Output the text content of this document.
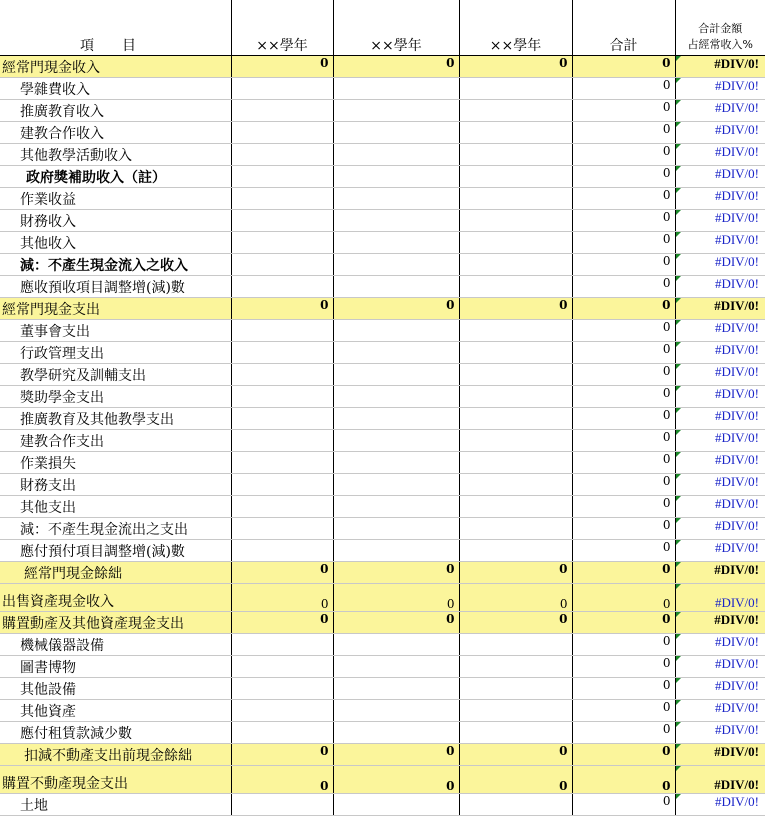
項　　目	××學年	××學年	××學年	合計	合計金額
占經常收入%

經常門現金收入	0	0	0	0	#DIV/0!
學雜費收入				0	#DIV/0!
推廣教育收入				0	#DIV/0!
建教合作收入				0	#DIV/0!
其他教學活動收入				0	#DIV/0!
政府獎補助收入（註）				0	#DIV/0!
作業收益				0	#DIV/0!
財務收入				0	#DIV/0!
其他收入				0	#DIV/0!
減：不產生現金流入之收入				0	#DIV/0!
應收預收項目調整增(減)數				0	#DIV/0!
經常門現金支出	0	0	0	0	#DIV/0!
董事會支出				0	#DIV/0!
行政管理支出				0	#DIV/0!
教學研究及訓輔支出				0	#DIV/0!
獎助學金支出				0	#DIV/0!
推廣教育及其他教學支出				0	#DIV/0!
建教合作支出				0	#DIV/0!
作業損失				0	#DIV/0!
財務支出				0	#DIV/0!
其他支出				0	#DIV/0!
減：不產生現金流出之支出				0	#DIV/0!
應付預付項目調整增(減)數				0	#DIV/0!
經常門現金餘絀	0	0	0	0	#DIV/0!
出售資產現金收入	0	0	0	0	#DIV/0!
購置動產及其他資產現金支出	0	0	0	0	#DIV/0!
機械儀器設備				0	#DIV/0!
圖書博物				0	#DIV/0!
其他設備				0	#DIV/0!
其他資產				0	#DIV/0!
應付租賃款減少數				0	#DIV/0!
扣減不動產支出前現金餘絀	0	0	0	0	#DIV/0!
購置不動產現金支出	0	0	0	0	#DIV/0!
土地				0	#DIV/0!
